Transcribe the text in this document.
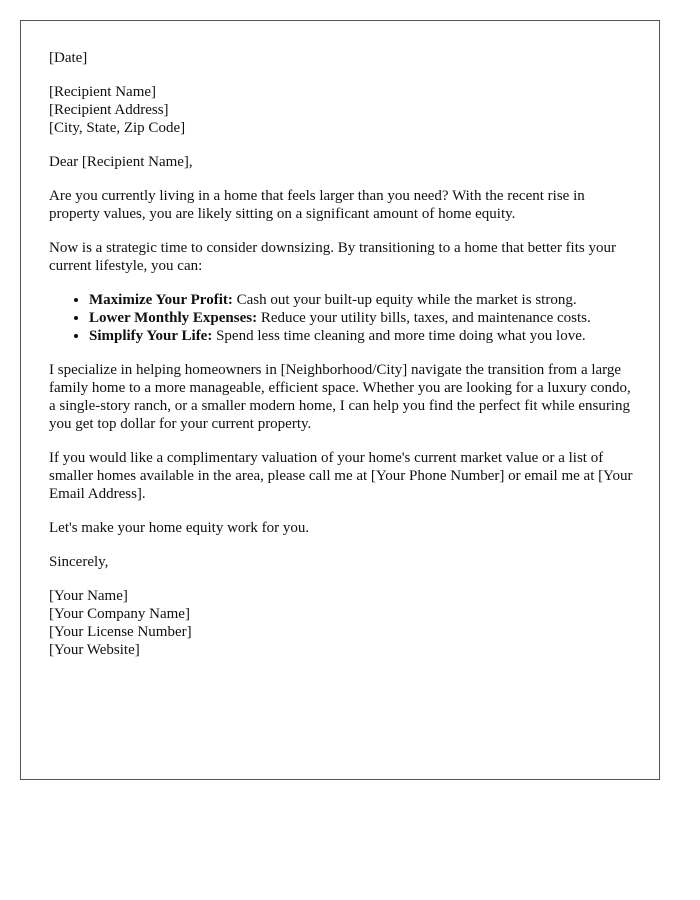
[Date]

[Recipient Name]
[Recipient Address]
[City, State, Zip Code]

Dear [Recipient Name],

Are you currently living in a home that feels larger than you need? With the recent rise in property values, you are likely sitting on a significant amount of home equity.

Now is a strategic time to consider downsizing. By transitioning to a home that better fits your current lifestyle, you can:

• Maximize Your Profit: Cash out your built-up equity while the market is strong.
• Lower Monthly Expenses: Reduce your utility bills, taxes, and maintenance costs.
• Simplify Your Life: Spend less time cleaning and more time doing what you love.

I specialize in helping homeowners in [Neighborhood/City] navigate the transition from a large family home to a more manageable, efficient space. Whether you are looking for a luxury condo, a single-story ranch, or a smaller modern home, I can help you find the perfect fit while ensuring you get top dollar for your current property.

If you would like a complimentary valuation of your home's current market value or a list of smaller homes available in the area, please call me at [Your Phone Number] or email me at [Your Email Address].

Let's make your home equity work for you.

Sincerely,

[Your Name]
[Your Company Name]
[Your License Number]
[Your Website]
